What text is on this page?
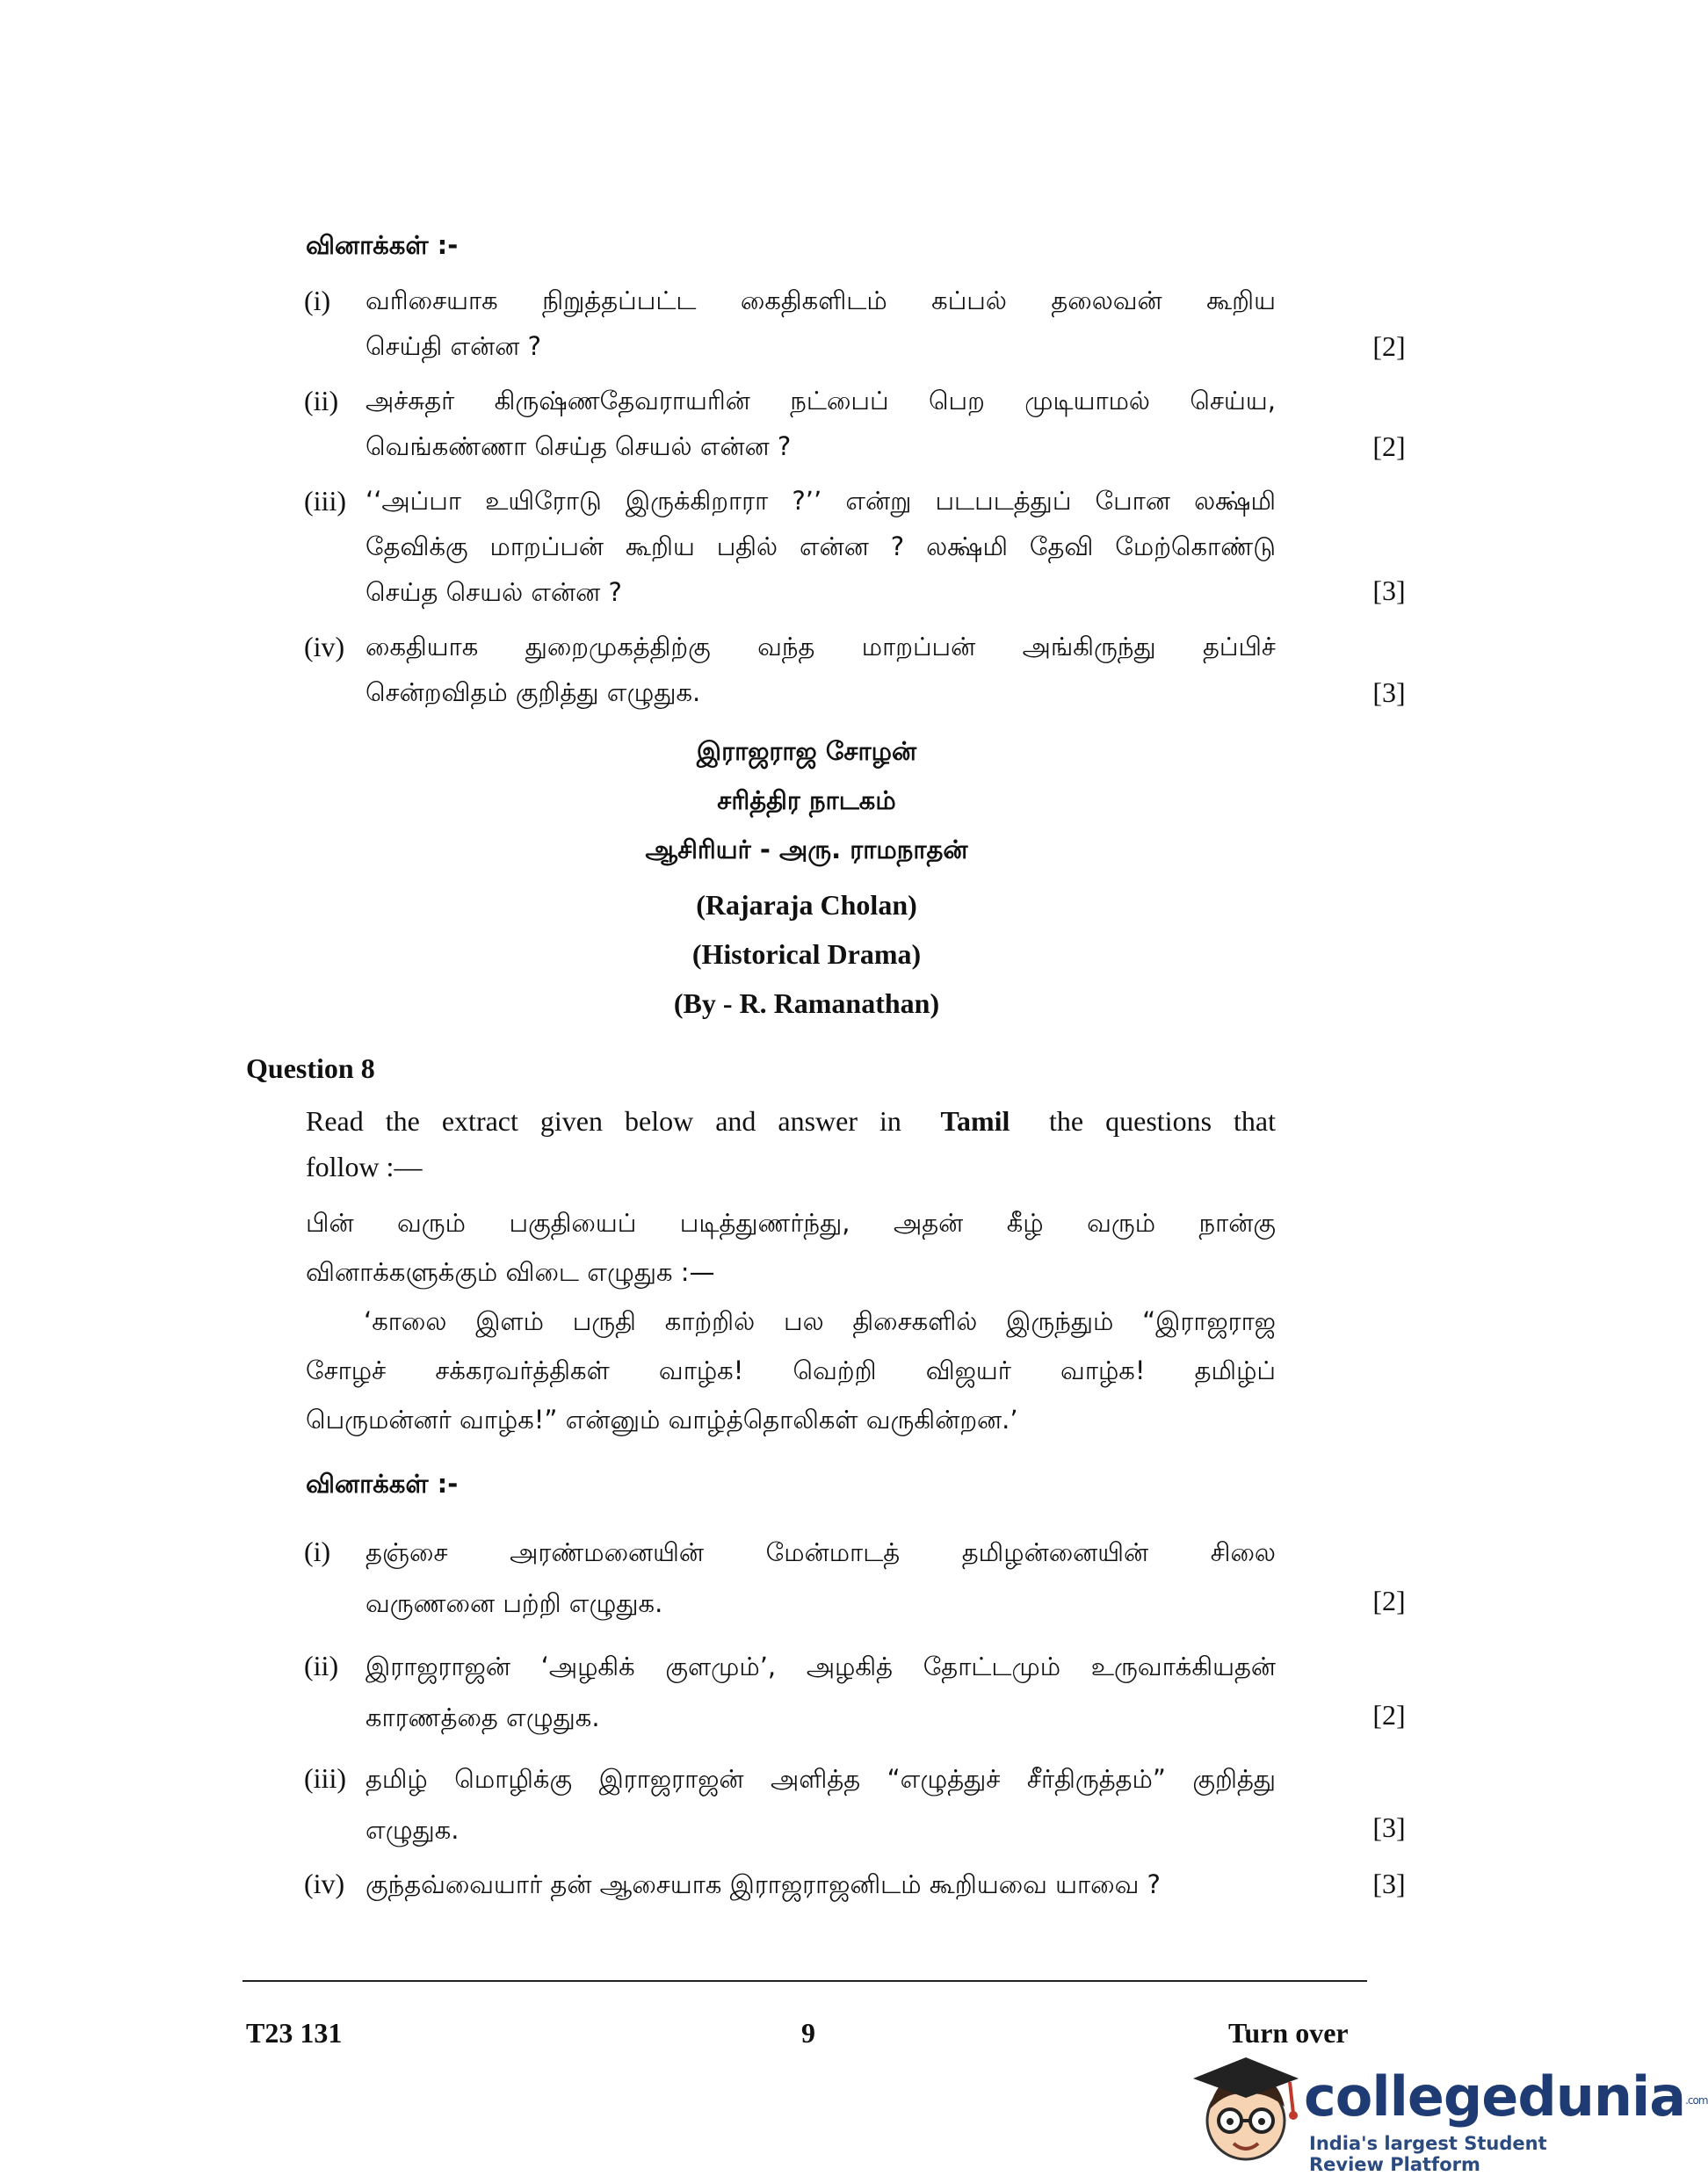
வினாக்கள் :-
(i) வரிசையாக நிறுத்தப்பட்ட கைதிகளிடம் கப்பல் தலைவன் கூறிய
செய்தி என்ன ?	[2]
(ii) அச்சுதர் கிருஷ்ணதேவராயரின் நட்பைப் பெற முடியாமல் செய்ய,
வெங்கண்ணா செய்த செயல் என்ன ?	[2]
(iii) ‘‘அப்பா உயிரோடு இருக்கிறாரா ?’’ என்று படபடத்துப் போன லக்ஷ்மி
தேவிக்கு மாறப்பன் கூறிய பதில் என்ன ? லக்ஷ்மி தேவி மேற்கொண்டு
செய்த செயல் என்ன ?	[3]
(iv) கைதியாக துறைமுகத்திற்கு வந்த மாறப்பன் அங்கிருந்து தப்பிச்
சென்றவிதம் குறித்து எழுதுக.	[3]
இராஜராஜ சோழன்
சரித்திர நாடகம்
ஆசிரியர் - அரு. ராமநாதன்
(Rajaraja Cholan)
(Historical Drama)
(By - R. Ramanathan)
Question 8
Read the extract given below and answer in Tamil the questions that
follow :—
பின் வரும் பகுதியைப் படித்துணர்ந்து, அதன் கீழ் வரும் நான்கு
வினாக்களுக்கும் விடை எழுதுக :—
‘காலை இளம் பருதி காற்றில் பல திசைகளில் இருந்தும் “இராஜராஜ
சோழச் சக்கரவர்த்திகள் வாழ்க! வெற்றி விஜயர் வாழ்க! தமிழ்ப்
பெருமன்னர் வாழ்க!” என்னும் வாழ்த்தொலிகள் வருகின்றன.’
வினாக்கள் :-
(i) தஞ்சை அரண்மனையின் மேன்மாடத் தமிழன்னையின் சிலை
வருணனை பற்றி எழுதுக.	[2]
(ii) இராஜராஜன் ‘அழகிக் குளமும்’, அழகித் தோட்டமும் உருவாக்கியதன்
காரணத்தை எழுதுக.	[2]
(iii) தமிழ் மொழிக்கு இராஜராஜன் அளித்த “எழுத்துச் சீர்திருத்தம்” குறித்து
எழுதுக.	[3]
(iv) குந்தவ்வையார் தன் ஆசையாக இராஜராஜனிடம் கூறியவை யாவை ?	[3]
T23 131	9	Turn over
collegedunia.com
India's largest Student Review Platform
